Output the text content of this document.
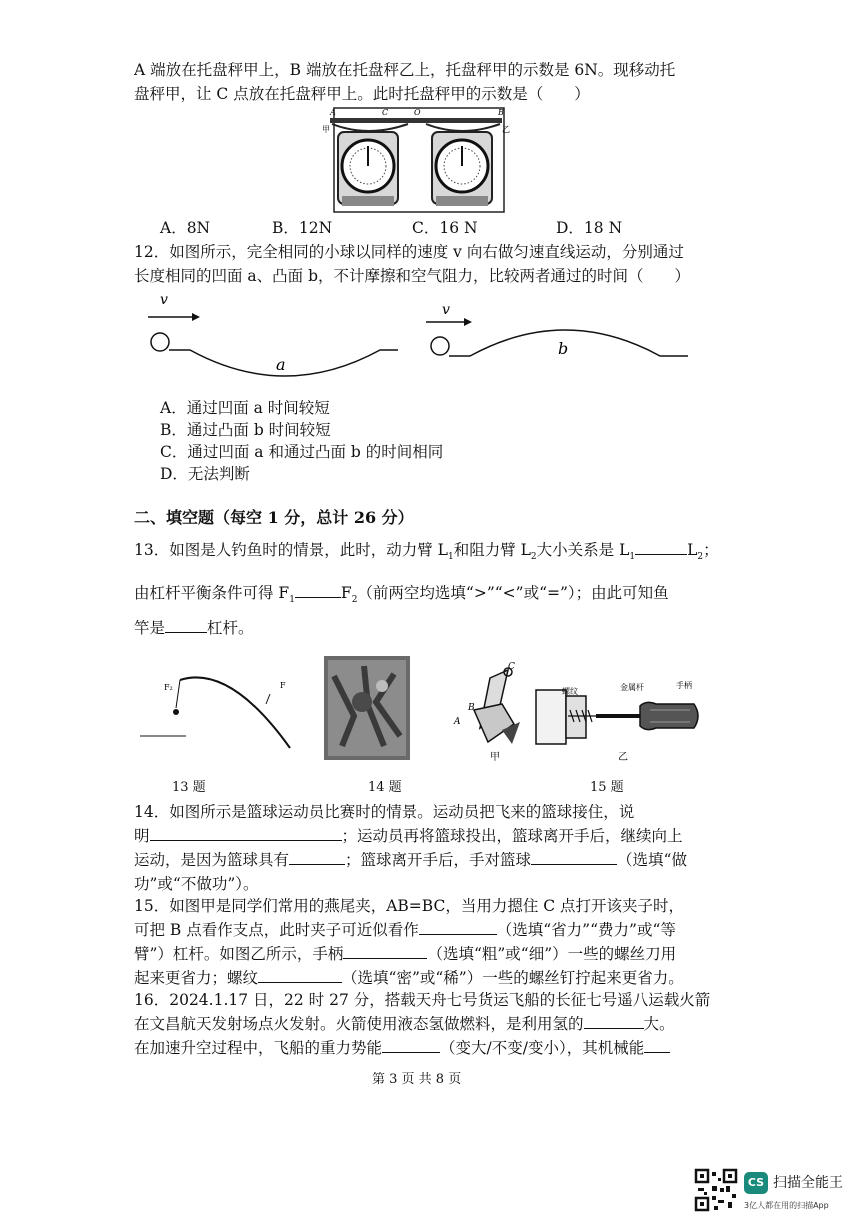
A 端放在托盘秤甲上，B 端放在托盘秤乙上，托盘秤甲的示数是 6N。现移动托
盘秤甲，让 C 点放在托盘秤甲上。此时托盘秤甲的示数是（　　）
A	C	O	B
甲	乙
A．8N	B．12N	C．16 N	D．18 N
12．如图所示，完全相同的小球以同样的速度 v 向右做匀速直线运动，分别通过
长度相同的凹面 a、凸面 b，不计摩擦和空气阻力，比较两者通过的时间（　　）
v
a
v
b
A．通过凹面 a 时间较短
B．通过凸面 b 时间较短
C．通过凹面 a 和通过凸面 b 的时间相同
D．无法判断
二、填空题（每空 1 分，总计 26 分）
13．如图是人钓鱼时的情景，此时，动力臂 $L_1$和阻力臂 $L_2$大小关系是 $L_1$	$L_2$；
由杠杆平衡条件可得 $F_1$	$F_2$（前两空均选填“>”“<”或“=”）；由此可知鱼
竿是	杠杆。
F₂	F
C
B
A
甲
螺纹	金属杆	手柄
乙
13 题	14 题	15 题
14．如图所示是篮球运动员比赛时的情景。运动员把飞来的篮球接住，说
明	；运动员再将篮球投出，篮球离开手后，继续向上
运动，是因为篮球具有	；篮球离开手后，手对篮球	（选填“做
功”或“不做功”）。
15．如图甲是同学们常用的燕尾夹，AB=BC，当用力摁住 C 点打开该夹子时，
可把 B 点看作支点，此时夹子可近似看作	（选填“省力”“费力”或“等
臂”）杠杆。如图乙所示，手柄	（选填“粗”或“细”）一些的螺丝刀用
起来更省力；螺纹	（选填“密”或“稀”）一些的螺丝钉拧起来更省力。
16．2024.1.17 日，22 时 27 分，搭载天舟七号货运飞船的长征七号遥八运载火箭
在文昌航天发射场点火发射。火箭使用液态氢做燃料，是利用氢的	大。
在加速升空过程中，飞船的重力势能	（变大/不变/变小），其机械能
第 3 页 共 8 页
CS 扫描全能王
3亿人都在用的扫描App
